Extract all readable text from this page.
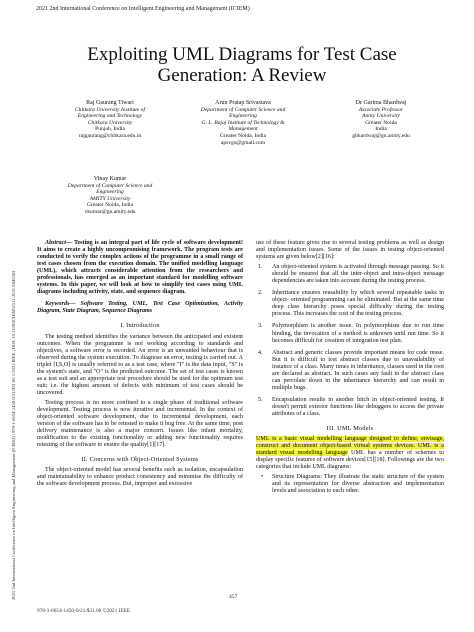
2021 2nd International Conference on Intelligent Engineering and Management (ICIEM)
2021 2nd International Conference on Intelligent Engineering and Management (ICIEM) | 978-1-6654-1450-0/21/$31.00 ©2021 IEEE | DOI: 10.1109/ICIEM51511.2021.9445383
Exploiting UML Diagrams for Test Case
Generation: A Review
Raj Gaurang Tiwari
Chitkara University Institute of
Engineering and Technology
Chitkara University
Punjab, India
rajgaurang@chitkara.edu.in
Arun Pratap Srivastava
Department of Computer Science and
Engineering
G. L. Bajaj Institute of Technology &
Management
Greater Noida, India
apsvgs@gmail.com
Dr Garima Bhardwaj
Associate Professor
Amity University
Greater Noida
India
gbhardwaj@gn.amity.edu
Vinay Kumar
Department of Computer Science and
Engineering
AMITY University
Greater Noida, India
vkumar@gn.amity.edu

Abstract— Testing is an integral part of life cycle of software development! It aims to create a highly uncompromising framework. The program tests are conducted to verify the complex actions of the programme in a small range of test cases chosen from the execution domain. The unified modelling language (UML), which attracts considerable attention from the researchers and professionals, has emerged as an important standard for modelling software systems. In this paper, we will look at how to simplify test cases using UML diagrams including activity, state, and sequence diagram.

Keywords— Software Testing, UML, Test Case Optimization, Activity Diagram, State Diagram, Sequence Diagrams

I. Introduction

The testing method identifies the variance between the anticipated and existent outcomes. When the programme is not working according to standards and objectives, a software error is recorded. An error is an unwanted behaviour that is observed during the system execution. To diagnose an error, testing is carried out. A triplet [I,S,O] is usually referred to as a test case, where "I" is the data input, "S" is the system's state, and "O" is the predicted outcome. The set of test cases is known as a test suit and an appropriate test procedure should be used for the optimum test suit; i.e. the highest amount of defects with minimum of test cases should be uncovered.

Testing process is no more confined to a single phase of traditional software development. Testing process is now iterative and incremental. In the context of object-oriented software development, due to incremental development, each version of the software has to be retested to make it bug free. At the same time, post delivery maintenance is also a major concern. Issues like infant mortality, modification to the existing functionality or adding new functionality requires retesting of the software to ensure the quality[1][17].

II. Concerns with Object-Oriented Systems

The object-oriented model has several benefits such as isolation, encapsulation and maintainability to enhance product consistency and minimise the difficulty of the software development process. But, improper and excessive

use of these feature gives rise to several testing problems as well as design and implementation issues. Some of the issues in testing object-oriented systems are given below[2][16]:

1. An object-oriented system is activated through message passing. So it should be ensured that all the inter-object and intra-object message dependencies are taken into account during the testing process.
2. Inheritance ensures reusability by which several repeatable tasks in object- oriented programming can be eliminated. But at the same time deep class hierarchy poses special difficulty during the testing process. This increases the cost of the testing process.
3. Polymorphism is another issue. In polymorphism due to run time binding, the invocation of a method is unknown until run time. So it becomes difficult for creation of integration test plan.
4. Abstract and generic classes provide important means for code reuse. But it is difficult to test abstract classes due to unavailability of instance of a class. Many times in inheritance, classes used in the root are declared as abstract. In such cases any fault in the abstract class can percolate down in the inheritance hierarchy and can result in multiple bugs.
5. Encapsulation results in another hitch in object-oriented testing. It doesn't permit exterior functions like debuggers to access the private attributes of a class.
III. UML Models

UML is a basic visual modelling language designed to define, envisage, construct and document object-based virtual systems devices. UML is a standard visual modelling language UML has a number of schemes to display specific features of software devices[15][18]. Followings are the two categories that include UML diagrams:

• Structure Diagrams: They illustrate the static structure of the system and its representation for diverse abstraction and implementation levels and association to each other.
457
978-1-6654-1450-0/21/$31.00 ©2021 IEEE
